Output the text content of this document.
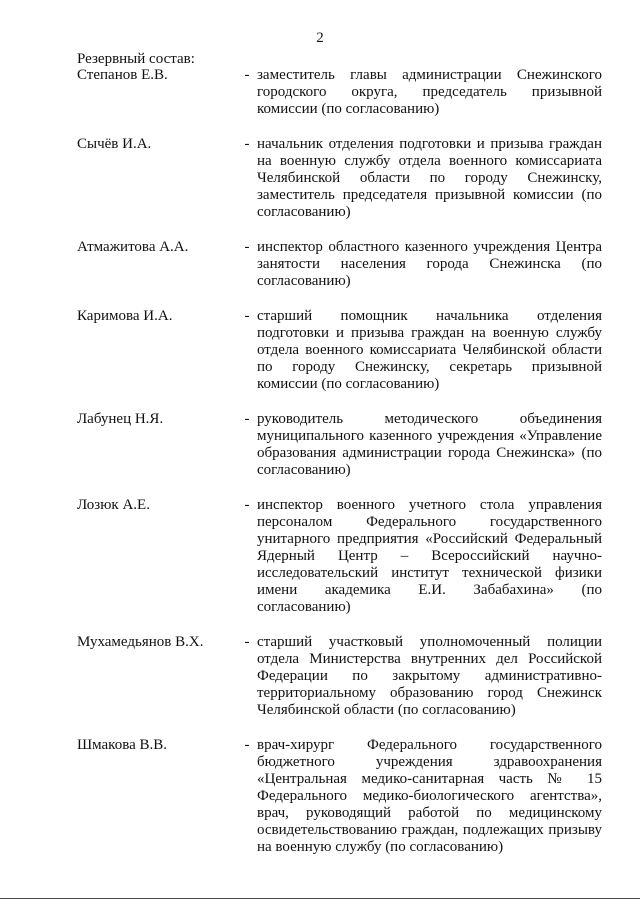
2
Резервный состав:
Степанов Е.В.	- заместитель главы администрации Снежинского городского округа, председатель призывной комиссии (по согласованию)
Сычёв И.А.	- начальник отделения подготовки и призыва граждан на военную службу отдела военного комиссариата Челябинской области по городу Снежинску, заместитель председателя призывной комиссии (по согласованию)
Атмажитова А.А.	- инспектор областного казенного учреждения Центра занятости населения города Снежинска (по согласованию)
Каримова И.А.	- старший помощник начальника отделения подготовки и призыва граждан на военную службу отдела военного комиссариата Челябинской области по городу Снежинску, секретарь призывной комиссии (по согласованию)
Лабунец Н.Я.	- руководитель методического объединения муниципального казенного учреждения «Управление образования администрации города Снежинска» (по согласованию)
Лозюк А.Е.	- инспектор военного учетного стола управления персоналом Федерального государственного унитарного предприятия «Российский Федеральный Ядерный Центр – Всероссийский научно-исследовательский институт технической физики имени академика Е.И. Забабахина» (по согласованию)
Мухамедьянов В.Х.	- старший участковый уполномоченный полиции отдела Министерства внутренних дел Российской Федерации по закрытому административно-территориальному образованию город Снежинск Челябинской области (по согласованию)
Шмакова В.В.	- врач-хирург Федерального государственного бюджетного учреждения здравоохранения «Центральная медико-санитарная часть № 15 Федерального медико-биологического агентства», врач, руководящий работой по медицинскому освидетельствованию граждан, подлежащих призыву на военную службу (по согласованию)
